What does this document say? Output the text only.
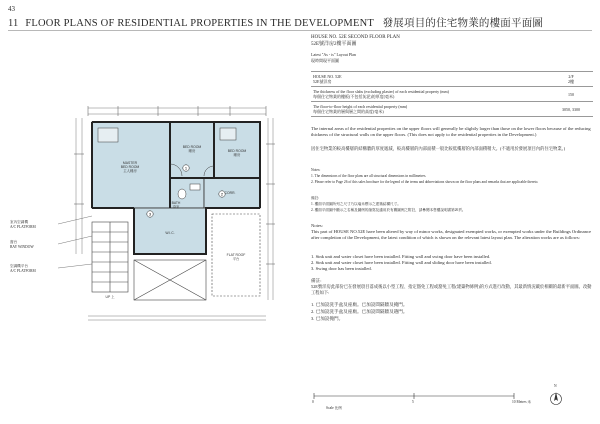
43
11 FLOOR PLANS OF RESIDENTIAL PROPERTIES IN THE DEVELOPMENT 發展項目的住宅物業的樓面平面圖
HOUSE NO. 52E SECOND FLOOR PLAN
52E號洋房2樓平面圖
Latest "As - is" Layout Plan
現時間現平面圖
HOUSE NO. 52E
52E號洋房	2/F
2樓
The thickness of the floor slabs (excluding plaster) of each residential property (mm)
每個住宅物業的樓板(不包括灰泥)的厚度(毫米)	150
The floor-to-floor height of each residential property (mm)
每個住宅物業的層與層之間的高度(毫米)	3050, 3300
The internal areas of the residential properties on the upper floors will generally be slightly larger than those on the lower floors because of the reducing thickness of the structural walls on the upper floors. (This does not apply to the residential properties in the Development.)
因住宅物業的較高樓層的結構牆的厚度遞減，較高樓層的內部面積一般比較低樓層的內部面積稍大。(不適用於發展項目內的住宅物業。)
Notes:
1. The dimensions of the floor plans are all structural dimensions in millimetres.
2. Please refer to Page 26 of this sales brochure for the legend of the terms and abbreviations shown on the floor plans and remarks that are applicable thereto.
備註:
1. 樓面平面圖所列之尺寸乃以毫米標示之建築結構尺寸。
2. 樓面平面圖中顯示之名稱及圖例的縮寫及適用於有關圖例之附註，請參閱本售樓說明書第26頁。
Notes:
This part of HOUSE NO.52E have been altered by way of minor works, designated exempted works, or exempted works under the Buildings Ordinance after completion of the Development, the latest condition of which is shown on the relevant latest layout plan. The alteration works are as follows:
1. Sink unit and water closet have been installed. Fitting wall and swing door have been installed.
2. Sink unit and water closet have been installed. Fitting wall and sliding door have been installed.
3. Swing door has been installed.
備註:
52E號洋房此部份已在發展項目落成後以小型工程、指定豁免工程或豁免工程(建築物條例)的方式進行改動，其最新情況載於相關的最新平面圖。改動工程如下:
1. 已加設洗手盆及座廁。已加設間隔牆及掩門。
2. 已加設洗手盆及座廁。已加設間隔牆及趟門。
3. 已加設掩門。
1
2
3
MASTER BED ROOM 主人睡房
BED ROOM 睡房	BED ROOM 睡房
CORR.
BATH 浴室
W.I.C.
UP 上
FLAT ROOF 平台
室內空調機
A/C PLATFORM
窗台
BAY WINDOW
空調機平台
A/C PLATFORM
0	5	10 Metres 米
Scale 比例
N
